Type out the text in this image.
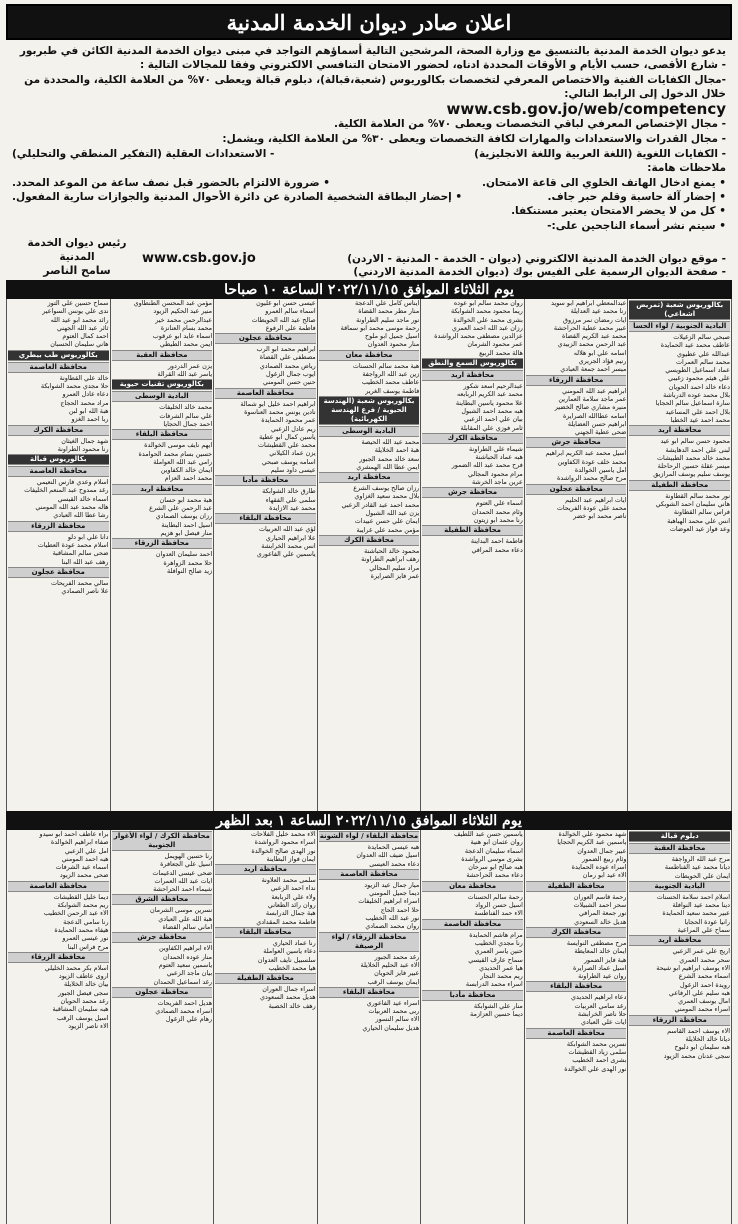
اعلان صادر ديوان الخدمة المدنية

يدعو ديوان الخدمة المدنية بالتنسيق مع وزارة الصحة، المرشحين التالية أسماؤهم التواجد في مبنى ديوان الخدمة المدنية الكائن في طبربور - شارع الأقصى، حسب الأيام و الأوقات المحددة ادناه، لحضور الامتحان التنافسي الالكتروني وفقا للمجالات التالية :

-مجال الكفايات الفنية والاختصاص المعرفي لتخصصات بكالوريوس (شعبة،قبالة)، دبلوم قبالة ويعطى ٧٠% من العلامة الكلية، والمحددة من خلال الدخول إلى الرابط التالي:

www.csb.gov.jo/web/competency

- مجال الإختصاص المعرفي لباقي التخصصات ويعطى ٧٠% من العلامة الكلية.

- مجال القدرات والاستعدادات والمهارات لكافة التخصصات ويعطى ٣٠% من العلامة الكلية، ويشمل:

- الاستعدادات العقلية (التفكير المنطقي والتحليلي)	- الكفايات اللغوية (اللغة العربية واللغة الانجليزية)

ملاحظات هامة:

• ضرورة الالتزام بالحضور قبل نصف ساعة من الموعد المحدد.	• يمنع ادخال الهاتف الخلوي الى قاعة الامتحان.
• إحضار البطاقة الشخصية الصادرة عن دائرة الأحوال المدنية والجوازات سارية المفعول.	• إحضار آلة حاسبة وقلم حبر جاف.

• كل من لا يحضر الامتحان يعتبر مستنكفا.

• سيتم نشر أسماء الناجحين على:-

- موقع ديوان الخدمة المدنية الالكتروني (ديوان - الخدمة - المدنية - الاردن)
www.csb.gov.jo
- صفحة الديوان الرسمية على الفيس بوك (ديوان الخدمة المدنية الاردني)
رئيس ديوان الخدمة المدنية
سامح الناصر
يوم الثلاثاء الموافق ٢٠٢٢/١١/١٥ الساعة ١٠ صباحا
بكالوريوس شعبة (تمريض اشعاعي)
البادية الجنوبية / لواء الحسا
صبحي سالم الزغيلات
عاطف محمد عيد الحمايدة
عبدالله علي عطيوي
محمد سالم العمرات
عماد اسماعيل الطويسي
علي هيثم محمود زغيبي
دعاء خالد احمد الحويان
بلال محمد عوده الدرباشة
سارة اسماعيل سالم الحجايا
بلال احمد علي المساعيد
محمد احمد عيد الخطبا
محافظة اربد
محمود حسن سالم ابو عيد
لبنى علي احمد الدهايشة
محمد خالد محمد الطبيشات
ميسر عقلة حسين الرحاحلة
يوسف سليم يوسف المرازيق
محافظة الطفيلة
نور محمد سالم القطاونة
هاني سليمان احمد الشوبكي
فراس سالم القطاونة
انس علي محمد الهباهبة
وعد فواز عيد العوضات
عبدالمعطي ابراهيم ابو سويد
رنا محمد عيد العدايلة
ايات رمضان نمر مرزوق
عبير محمد عطية الحراحشة
محمد عبد الكريم القضاة
عبد الرحمن محمد الزبيدي
اسامه علي ابو هلاله
رنيم فؤاد الجريري
ميسر احمد جمعة العبادي
محافظة الزرقاء
ابراهيم عبد الله المومني
عمر ماجد سلامة العمارين
منيره مشاري صالح الخضير
اسامه عطاالله الصرايرة
ابراهيم حسن العضايلة
ضحى عطية الجهني
محافظة جرش
اسيل محمد عبد الكريم ابراهيم
محمد خلف عودة الكفاوين
امل ياسين الخوالدة
مرح صالح محمد الرواشدة
محافظة عجلون
ايات ابراهيم عبد الحليم
محمد علي عودة الفريحات
ناصر محمد ابو خضر
روان محمد سالم ابو عوده
ريما محمود محمد الشوابكة
بشرى محمد علي الخوالدة
رزان عبد الله احمد العمري
عزالدين مصطفى محمد الرواشدة
عمر محمود الشرمان
هالة محمد الربيع
بكالوريوس السمع والنطق
محافظة اربد
عبدالرحيم اسعد شكور
محمد عبد الكريم الربابعه
علا محمود ياسين البطاينة
هبه محمد احمد الشبول
بيان علي احمد الزعبي
ثامر فوزي علي المقابلة
محافظة الكرك
شيماء علي الطراونة
هبه عماد الحباشنة
فرح محمد عبد الله الضمور
مرام محمود المجالي
عرين ماجد الخرشة
محافظة جرش
اسماء علي العتوم
وئام محمد الحمدان
رنا محمد ابو زيتون
محافظة الطفيلة
فاطمة احمد البداينة
دعاء محمد المرافي
ايناس كامل علي الدعجة
منار مطر محمد القضاة
نور ماجد سليم الطراونة
رحمة موسى محمد ابو سماقة
اسيل جميل ابو ملوح
منار محمود العدوان
محافظة معان
هبة محمد سالم الحسنات
زين عبد الله الرواجفة
عاطف محمد الخطيب
فاطمة يوسف الغرير
بكالوريوس شعبة (الهندسة الحيوية / فرع الهندسة الكهربائية)
البادية الوسطى
محمد عيد الله الحيصة
هبة احمد الخلايلة
سعد خالد محمد الجبور
ايمن عطا الله الهمشري
محافظة اربد
رزان صالح يوسف الشرع
بلال محمد سعيد الغزاوي
محمد احمد عبد القادر الزعبي
يزن عبد الله الشبول
ايمان علي حسن عبيدات
مؤمن محمد علي غرايبة
محافظة الكرك
محمود خالد الحباشنة
رهف ابراهيم الطراونة
مراد سليم المجالي
عمر فايز الصرايرة
عيسى حسن ابو غليون
اسماء سالم العمرو
صالح عبد الله الحويطات
فاطمة علي الرفوع
محافظة عجلون
ابراهيم محمد ابو الرب
مصطفى علي القضاة
رياض محمد الصمادي
ايوب جمال الزغول
حنين حسن المومني
محافظة العاصمة
ابراهيم احمد خليل ابو شمالة
نادين يونس محمد العناسوة
عمر محمود الحمايدة
ريم عادل الزعبي
ياسين كمال ابو عطية
محمد علي القطيشات
يزن عماد الكيلاني
اسامه يوسف صبحي
عيسى داود سليم
محافظة مأدبا
طارق خالد الشوابكة
سلمى علي الفقهاء
محمد عيد الازايدة
محافظة البلقاء
لؤي عبد الله العربيات
علا ابراهيم الحياري
انس محمد الخرابشة
ياسمين علي الفاعوري
مؤمن عبد المحسن الطنطاوي
منير عبد الحكيم الزيود
عبدالرحمن محمد خير
محمد بسام العنانزة
اسماء عايد ابو عرقوب
ايمن محمد الطيطي
محافظة العقبة
يزن عمر الدردور
ياسر عبد الله القرالة
بكالوريوس تقنيات حيوية
البادية الوسطى
محمد خالد الخليفات
علي سالم الشرفات
احمد جمال الحجايا
محافظة البلقاء
ايهم نايف موسى الخوالدة
حسين بسام محمد الحوامدة
رامي عبد الله العواملة
ايمان خالد الكفاوين
محمد احمد العزام
محافظة اربد
هبة محمد ابو حسان
عبد الرحمن علي الشرع
رزان يوسف الصمادي
اسيل احمد البطاينة
منار فيصل ابو هزيم
محافظة الزرقاء
احمد سليمان العدوان
حلا محمد الزواهرة
زيد صالح النوافلة
سماح حسين علي التوز
ندى علي يونس السواعير
رائد محمد ابو عيد الله
ثائر عبد الله الجهني
احمد كمال العتوم
هاني سليمان الحسبان
بكالوريوس طب بيطري
محافظة العاصمة
خالد علي القطاونة
حلا مجدي محمد الشوابكة
دعاء عادل العمرو
مراد محمد الحجاج
هبة الله ابو لبن
ربا احمد الغزو
محافظة الكرك
شهد جمال الغيثان
رنا محمود الطراونة
بكالوريوس قبالة
محافظة العاصمة
اسلام وعدي فارس النعيمي
رغد ممدوح عبد المنعم الخليفات
اسماء خالد القيسي
هاله محمد عبد الله المومني
رشا عطا الله العبادي
محافظة الزرقاء
دانا علي ابو دلو
اسلام محمد عودة العطيات
ضحى سالم المشاقبة
رهف عبد الله البنا
محافظة عجلون
سالي محمد الفريحات
علا ناصر الصمادي
يوم الثلاثاء الموافق ٢٠٢٢/١١/١٥ الساعة ١ بعد الظهر
دبلوم قبالة
محافظة العقبة
مرح عبد الله الرواجفة
ديانا محمد عيد الفناطسة
ايمان علي الحويطات
البادية الجنوبية
اسلام احمد سلامة الحسنات
دينا محمد عيد النوافلة
عبير محمد سعيد الحمايدة
رانيا عودة الحجايا
سماح علي المراعية
محافظة اربد
اريج علي عمر الزعبي
سحر محمد العمري
الاء يوسف ابراهيم ابو شيحة
اسماء محمد الشرع
رويدة احمد الزغول
هبه سليم علي الرفاعي
امال يوسف العمري
اسراء محمد المومني
محافظة الزرقاء
الاء يوسف احمد القاسم
ديانا خالد الخلايلة
هبه سليمان ابو دلبوح
سجى عدنان محمد الزيود
شهد محمود علي الخوالدة
ياسمين عبد الكريم الحجايا
عبير جمال العدوان
وئام ربيع الضمور
اسراء عوده الحمايدة
الاء عيد ابو رمان
محافظة الطفيلة
رحمة قاسم العوران
سحر احمد الشبيلات
نور جمعة المرافي
هديل خالد السعودي
محافظة الكرك
مرح مصطفى النوايسة
ايمان خالد المعايطة
هبة فايز الضمور
اسيل عماد الصرايرة
روان عيد الطراونة
محافظة البلقاء
دعاء ابراهيم الحديدي
رغد سامي العربيات
حلا ناصر الخرابشة
ايات علي العبادي
محافظة العاصمة
نسرين محمد الشوابكة
سلمى زياد القطيشات
بشرى احمد الخطيب
نور الهدى علي الخوالدة
ياسمين حسن عبد اللطيف
روان عثمان ابو هنية
اسماء سليمان الدعجة
بشرى موسى الرواشدة
هبه صالح ابو سرحان
دعاء محمد الحراحشة
محافظة معان
رحمة سالم الحسنات
اسيل حسن الرواد
الاء حمد الفناطسة
محافظة العاصمة
مرام هاشم الحمايدة
رنا مجدي الخطيب
حنين ياسر العمري
سماح عارف القيسي
هيا عمر الحديدي
ريم محمد النجار
اسراء محمد الدرابسة
محافظة مأدبا
منار علي الشوابكة
ديما حسين العزازمة
محافظة البلقاء / لواء الشونة
هبه عيسى الحمايدة
اسيل ضيف الله العدوان
دعاء محمد العيسى
محافظة العاصمة
ميار جمال عيد الزيود
ديما جميل المومني
اسراء ابراهيم الخليفات
حلا احمد الحاج
نور عبد الله الخطيب
روان محمد الصمادي
محافظة الزرقاء / لواء الرصيفة
رغد محمد الجبور
الاء عبد الحليم الخلايلة
عبير فايز الحويان
ايمان يوسف الرقب
محافظة البلقاء
اسراء عيد الفاعوري
ربى محمد العربيات
الاء سالم النسور
هديل سليمان الحياري
الاء محمد خليل الفلاحات
اسراء محمود الرواشدة
نور الهدى صالح الخوالدة
ايمان فواز البطاينة
محافظة اربد
سلمى محمد العلاونة
نداء احمد الزعبي
ولاء علي الربابعة
روان رائد الطعاني
هبة جمال الدرابسة
فاطمة محمد المقدادي
محافظة البلقاء
رنا عماد الحياري
دعاء ياسين العواملة
سلسبيل نايف العدوان
هيا محمد الخطيب
محافظة الطفيلة
اسراء جمال العوران
هديل محمد السعودي
رهف خالد الخصبة
محافظة الكرك / لواء الأغوار الجنوبية
رنا حسين الهويمل
اسيل علي الجعافرة
ضحى عيسى الدغيمات
ايات عبد الله العمرات
شيماء احمد الحراحشة
محافظة الشرق
نسرين موسى الشرمان
هبة الله علي العبادي
اماني سالم القضاة
محافظة جرش
الاء ابراهيم الكفاوين
منار عوده الحمدان
ياسمين سعيد العتوم
بيان ماجد الزعبي
رغد اسماعيل الحمدان
محافظة عجلون
هديل احمد الفريحات
اسراء محمد الصمادي
رهام علي الزغول
براء عاطف احمد ابو سيدو
صفاء ابراهيم الخوالدة
امل علي الزعبي
هبه احمد المومني
اسماء عيد الشرفات
ضحى محمد الزيود
محافظة العاصمة
ديما خليل القطيشات
ريم محمد الشوابكة
الاء عبد الرحمن الخطيب
رنا سامي الدعجة
هيفاء محمد الحمايدة
نور عيسى العمرو
مرح فراس البنا
محافظة الزرقاء
اسلام بكر محمد الخليلي
اروى عاطف الزيود
بيان خالد الخلايلة
سجى فيصل الجبور
رغد محمد الحويان
هبه سليمان المشاقبة
اسيل يوسف الرقب
الاء ناصر الزيود
